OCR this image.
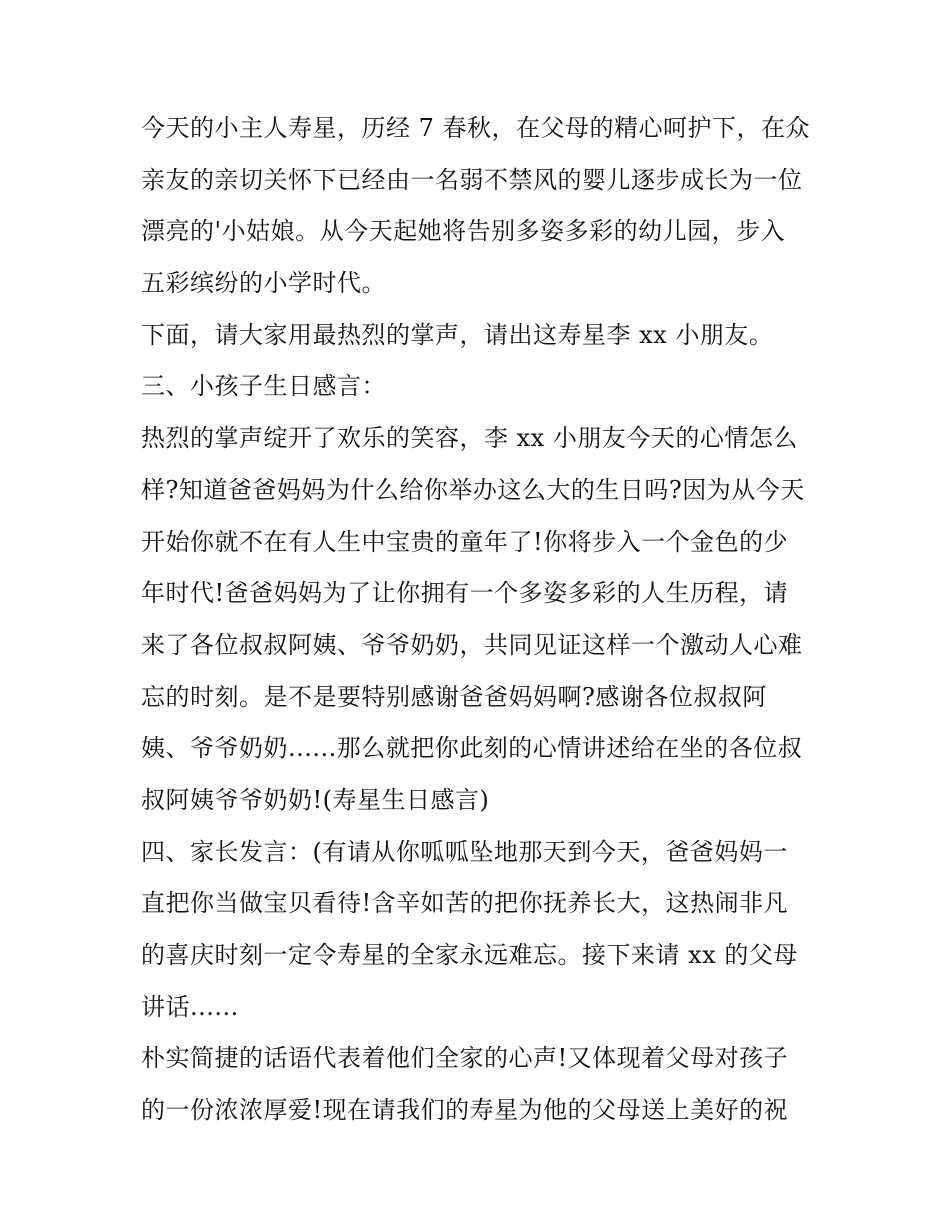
今天的小主人寿星，历经 7 春秋，在父母的精心呵护下，在众
亲友的亲切关怀下已经由一名弱不禁风的婴儿逐步成长为一位
漂亮的'小姑娘。从今天起她将告别多姿多彩的幼儿园，步入
五彩缤纷的小学时代。
下面，请大家用最热烈的掌声，请出这寿星李 xx 小朋友。
三、小孩子生日感言：
热烈的掌声绽开了欢乐的笑容，李 xx 小朋友今天的心情怎么
样?知道爸爸妈妈为什么给你举办这么大的生日吗?因为从今天
开始你就不在有人生中宝贵的童年了!你将步入一个金色的少
年时代!爸爸妈妈为了让你拥有一个多姿多彩的人生历程，请
来了各位叔叔阿姨、爷爷奶奶，共同见证这样一个激动人心难
忘的时刻。是不是要特别感谢爸爸妈妈啊?感谢各位叔叔阿
姨、爷爷奶奶......那么就把你此刻的心情讲述给在坐的各位叔
叔阿姨爷爷奶奶!(寿星生日感言)
四、家长发言：(有请从你呱呱坠地那天到今天，爸爸妈妈一
直把你当做宝贝看待!含辛如苦的把你抚养长大，这热闹非凡
的喜庆时刻一定令寿星的全家永远难忘。接下来请 xx 的父母
讲话......
朴实简捷的话语代表着他们全家的心声!又体现着父母对孩子
的一份浓浓厚爱!现在请我们的寿星为他的父母送上美好的祝
